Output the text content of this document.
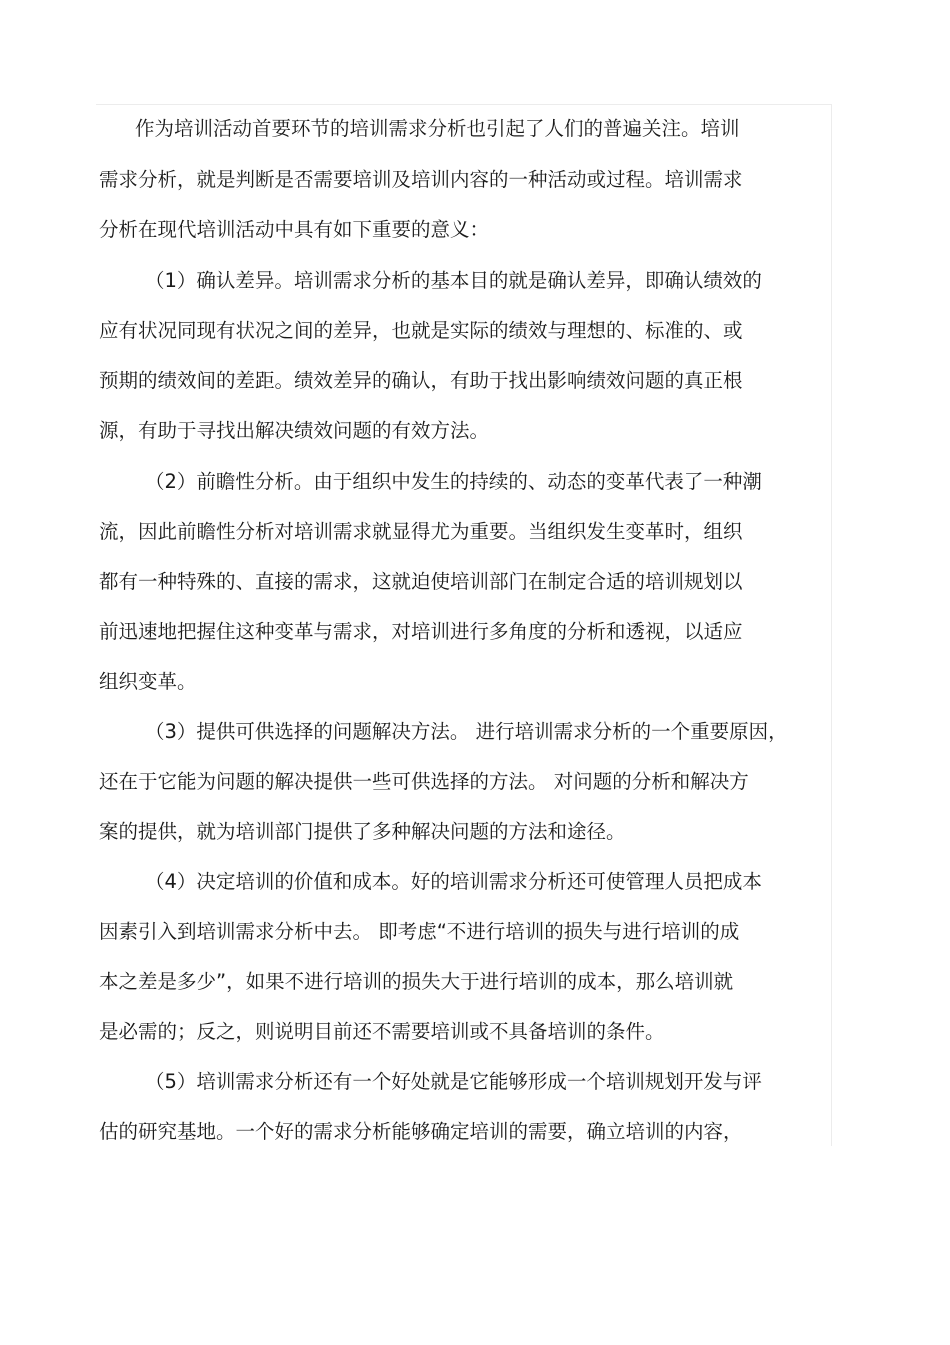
作为培训活动首要环节的培训需求分析也引起了人们的普遍关注。培训
需求分析，就是判断是否需要培训及培训内容的一种活动或过程。培训需求
分析在现代培训活动中具有如下重要的意义：
（1）确认差异。培训需求分析的基本目的就是确认差异，即确认绩效的
应有状况同现有状况之间的差异，也就是实际的绩效与理想的、标准的、或
预期的绩效间的差距。绩效差异的确认，有助于找出影响绩效问题的真正根
源，有助于寻找出解决绩效问题的有效方法。
（2）前瞻性分析。由于组织中发生的持续的、动态的变革代表了一种潮
流，因此前瞻性分析对培训需求就显得尤为重要。当组织发生变革时，组织
都有一种特殊的、直接的需求，这就迫使培训部门在制定合适的培训规划以
前迅速地把握住这种变革与需求，对培训进行多角度的分析和透视，以适应
组织变革。
（3）提供可供选择的问题解决方法。 进行培训需求分析的一个重要原因，
还在于它能为问题的解决提供一些可供选择的方法。 对问题的分析和解决方
案的提供，就为培训部门提供了多种解决问题的方法和途径。
（4）决定培训的价值和成本。好的培训需求分析还可使管理人员把成本
因素引入到培训需求分析中去。 即考虑“不进行培训的损失与进行培训的成
本之差是多少”，如果不进行培训的损失大于进行培训的成本，那么培训就
是必需的；反之，则说明目前还不需要培训或不具备培训的条件。
（5）培训需求分析还有一个好处就是它能够形成一个培训规划开发与评
估的研究基地。一个好的需求分析能够确定培训的需要，确立培训的内容，
